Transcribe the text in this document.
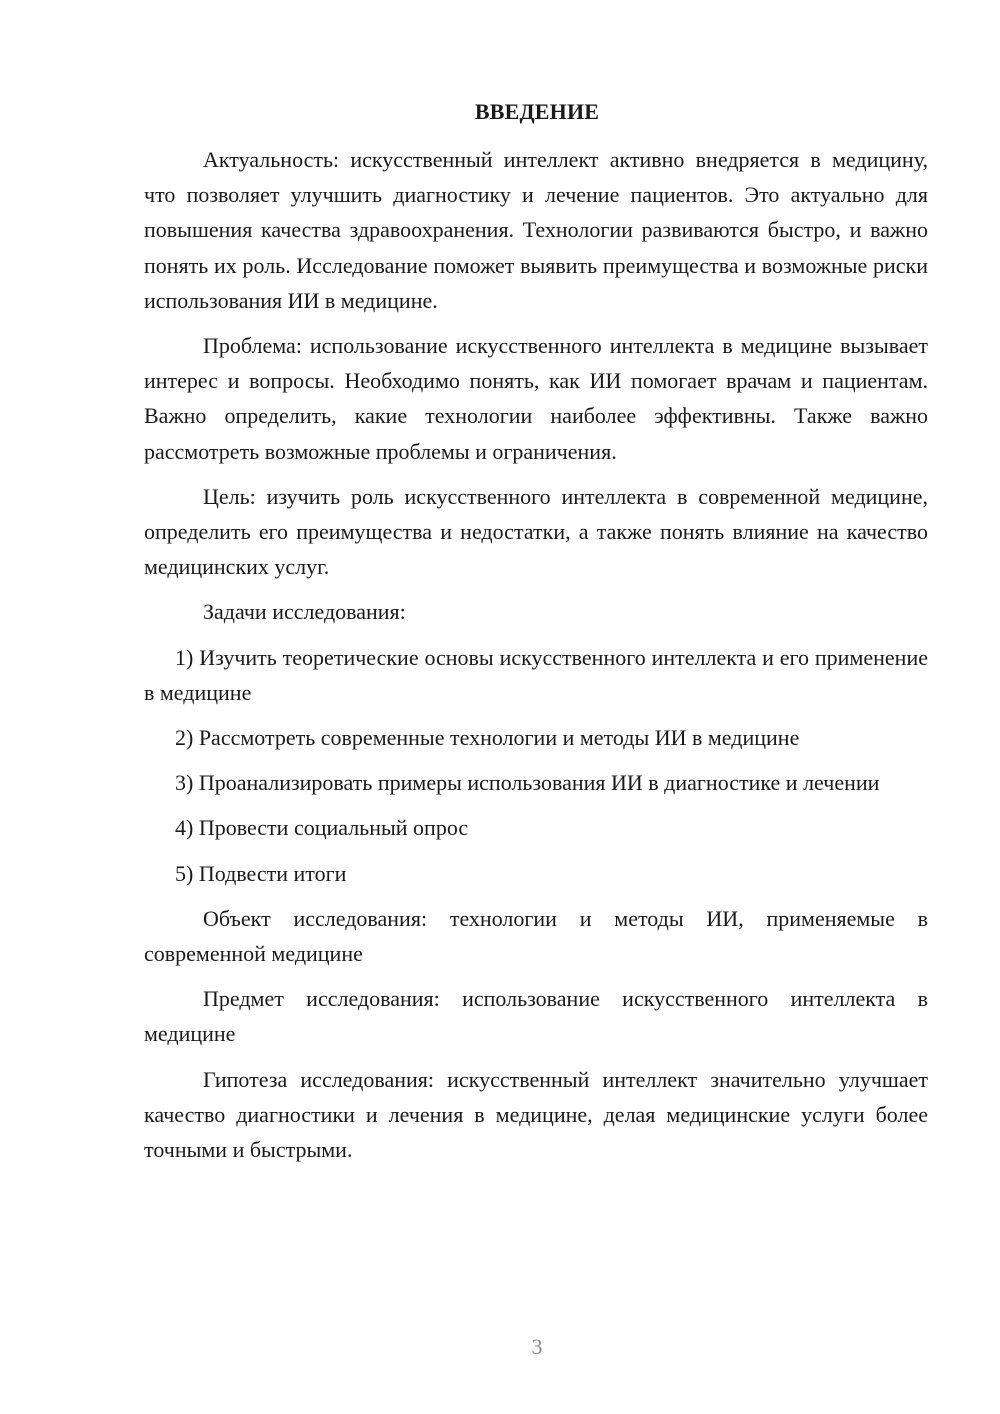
ВВЕДЕНИЕ

Актуальность: искусственный интеллект активно внедряется в медицину, что позволяет улучшить диагностику и лечение пациентов. Это актуально для повышения качества здравоохранения. Технологии развиваются быстро, и важно понять их роль. Исследование поможет выявить преимущества и возможные риски использования ИИ в медицине.

Проблема: использование искусственного интеллекта в медицине вызывает интерес и вопросы. Необходимо понять, как ИИ помогает врачам и пациентам. Важно определить, какие технологии наиболее эффективны. Также важно рассмотреть возможные проблемы и ограничения.

Цель: изучить роль искусственного интеллекта в современной медицине, определить его преимущества и недостатки, а также понять влияние на качество медицинских услуг.

Задачи исследования:

1) Изучить теоретические основы искусственного интеллекта и его применение в медицине

2) Рассмотреть современные технологии и методы ИИ в медицине

3) Проанализировать примеры использования ИИ в диагностике и лечении

4) Провести социальный опрос

5) Подвести итоги

Объект исследования: технологии и методы ИИ, применяемые в современной медицине

Предмет исследования: использование искусственного интеллекта в медицине

Гипотеза исследования: искусственный интеллект значительно улучшает качество диагностики и лечения в медицине, делая медицинские услуги более точными и быстрыми.

3
